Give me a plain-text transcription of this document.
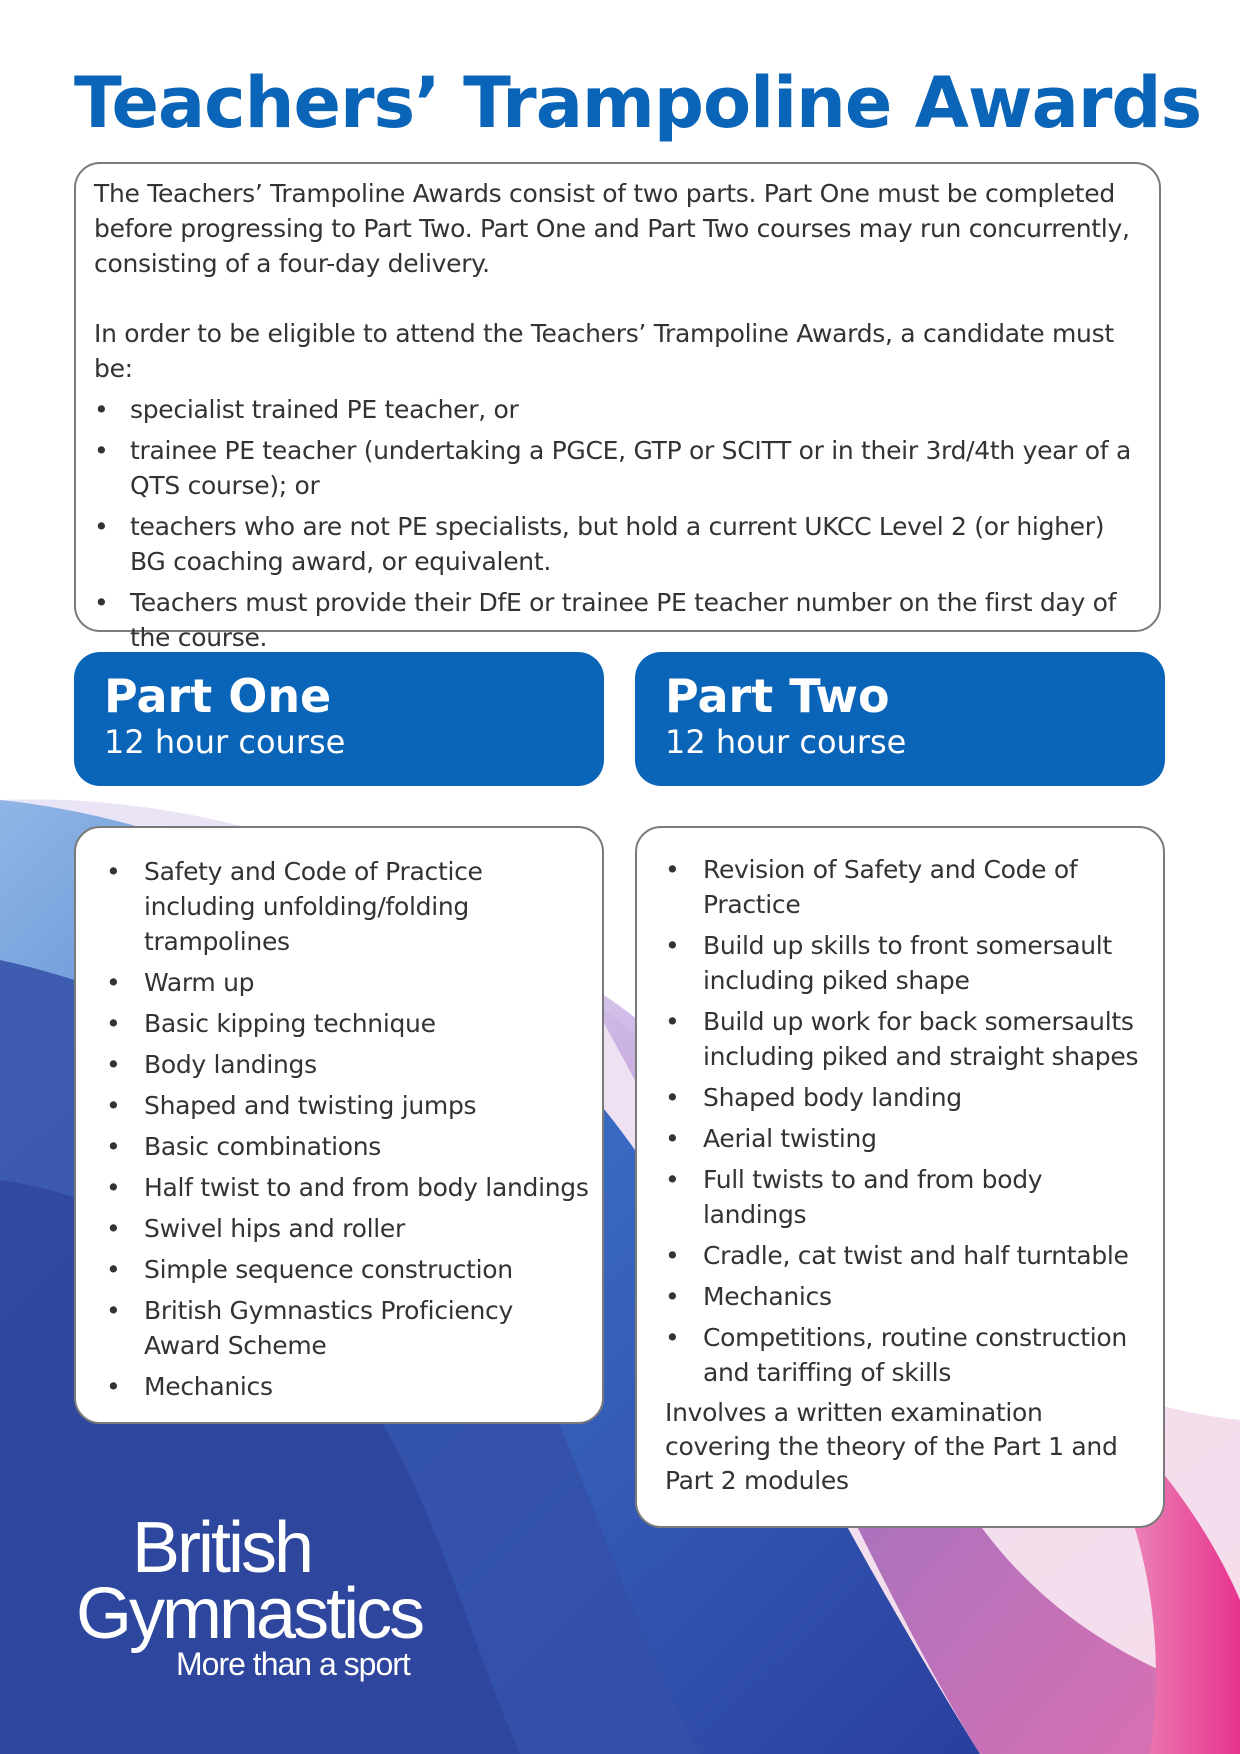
Teachers’ Trampoline Awards

The Teachers’ Trampoline Awards consist of two parts. Part One must be completed before progressing to Part Two. Part One and Part Two courses may run concurrently, consisting of a four-day delivery.

In order to be eligible to attend the Teachers’ Trampoline Awards, a candidate must be:

• specialist trained PE teacher, or
• trainee PE teacher (undertaking a PGCE, GTP or SCITT or in their 3rd/4th year of a QTS course); or
• teachers who are not PE specialists, but hold a current UKCC Level 2 (or higher) BG coaching award, or equivalent.
• Teachers must provide their DfE or trainee PE teacher number on the first day of the course.
Part One
12 hour course
Part Two
12 hour course
• Safety and Code of Practice including unfolding/folding trampolines
• Warm up
• Basic kipping technique
• Body landings
• Shaped and twisting jumps
• Basic combinations
• Half twist to and from body landings
• Swivel hips and roller
• Simple sequence construction
• British Gymnastics Proficiency Award Scheme
• Mechanics
• Revision of Safety and Code of Practice
• Build up skills to front somersault including piked shape
• Build up work for back somersaults including piked and straight shapes
• Shaped body landing
• Aerial twisting
• Full twists to and from body landings
• Cradle, cat twist and half turntable
• Mechanics
• Competitions, routine construction and tariffing of skills

Involves a written examination covering the theory of the Part 1 and Part 2 modules

British
Gymnastics
More than a sport
